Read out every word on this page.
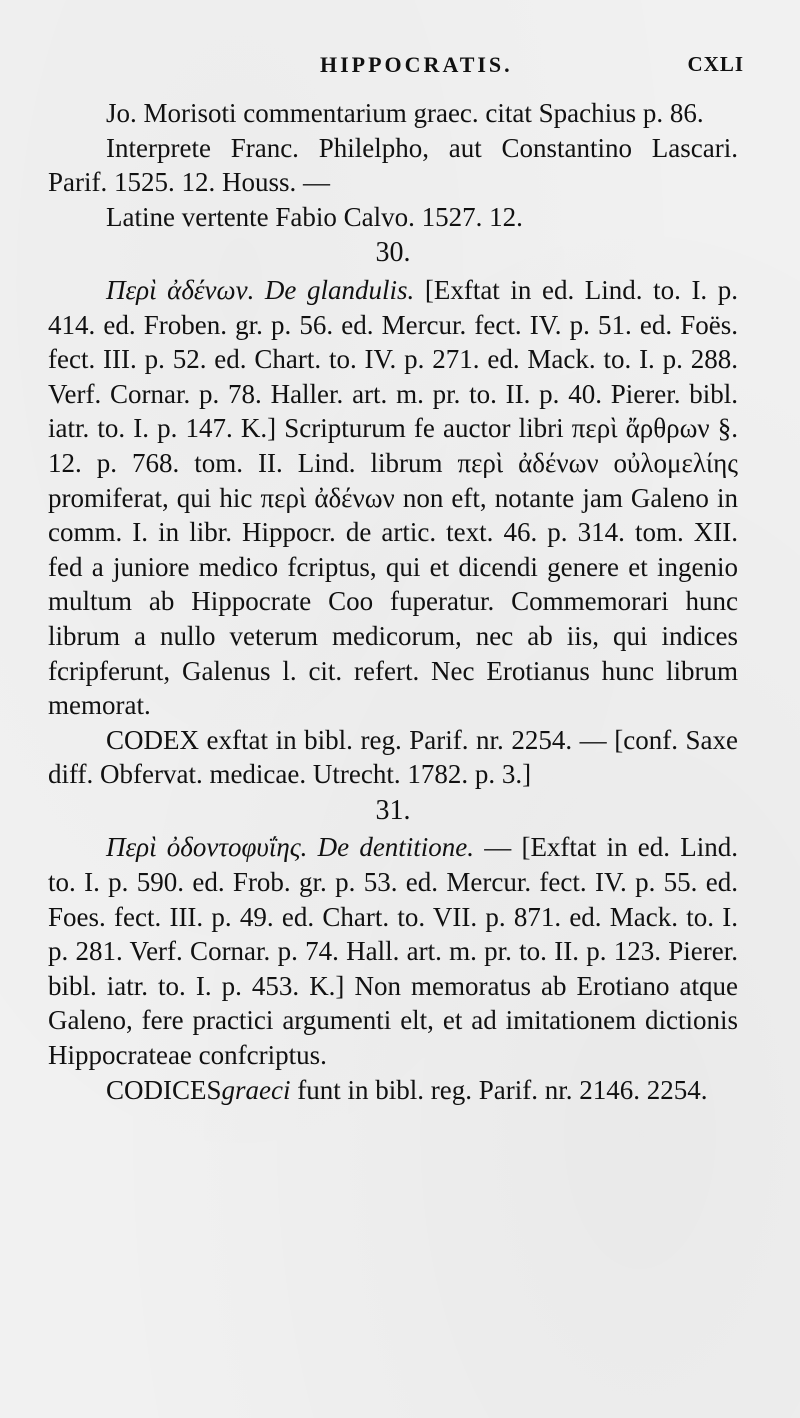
HIPPOCRATIS.	CXLI

Jo. Morisoti commentarium graec. citat Spachius p. 86.

Interprete Franc. Philelpho, aut Constantino Lascari. Parif. 1525. 12. Houss. —

Latine vertente Fabio Calvo. 1527. 12.

30.

Περὶ ἀδένων. De glandulis. [Exftat in ed. Lind. to. I. p. 414. ed. Froben. gr. p. 56. ed. Mercur. fect. IV. p. 51. ed. Foës. fect. III. p. 52. ed. Chart. to. IV. p. 271. ed. Mack. to. I. p. 288. Verf. Cornar. p. 78. Haller. art. m. pr. to. II. p. 40. Pierer. bibl. iatr. to. I. p. 147. K.] Scripturum fe auctor libri περὶ ἄρθρων §. 12. p. 768. tom. II. Lind. librum περὶ ἀδένων οὐλομελίης promiferat, qui hic περὶ ἀδένων non eft, notante jam Galeno in comm. I. in libr. Hippocr. de artic. text. 46. p. 314. tom. XII. fed a juniore medico fcriptus, qui et dicendi genere et ingenio multum ab Hippocrate Coo fuperatur. Commemorari hunc librum a nullo veterum medicorum, nec ab iis, qui indices fcripferunt, Galenus l. cit. refert. Nec Erotianus hunc librum memorat.

CODEX exftat in bibl. reg. Parif. nr. 2254. — [conf. Saxe diff. Obfervat. medicae. Utrecht. 1782. p. 3.]

31.

Περὶ ὀδοντοφυΐης. De dentitione. — [Exftat in ed. Lind. to. I. p. 590. ed. Frob. gr. p. 53. ed. Mercur. fect. IV. p. 55. ed. Foes. fect. III. p. 49. ed. Chart. to. VII. p. 871. ed. Mack. to. I. p. 281. Verf. Cornar. p. 74. Hall. art. m. pr. to. II. p. 123. Pierer. bibl. iatr. to. I. p. 453. K.] Non memoratus ab Erotiano atque Galeno, fere practici argumenti elt, et ad imitationem dictionis Hippocrateae confcriptus.

CODICESgraeci funt in bibl. reg. Parif. nr. 2146. 2254.
